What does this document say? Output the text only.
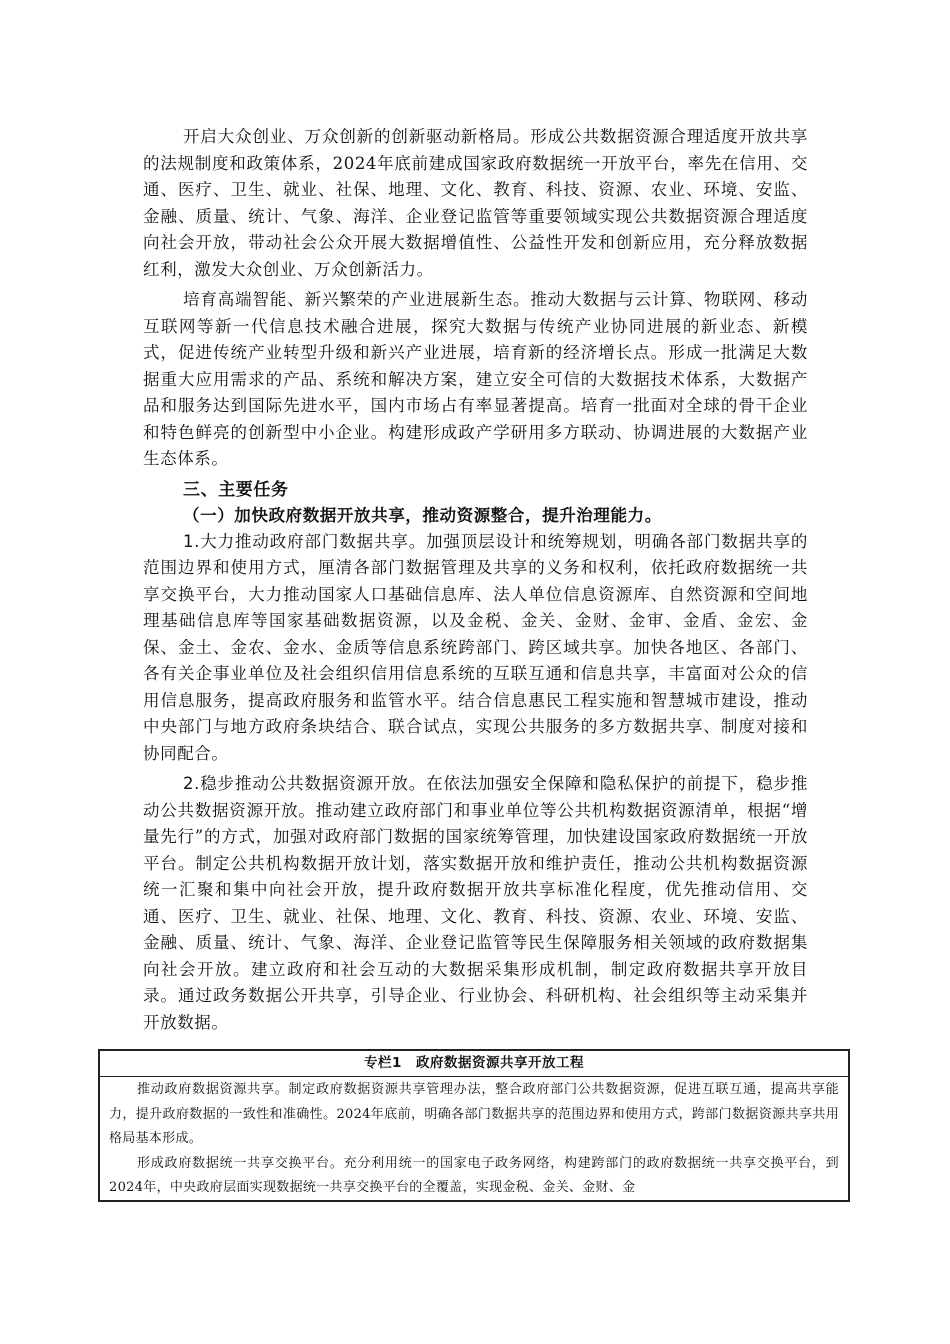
开启大众创业、万众创新的创新驱动新格局。形成公共数据资源合理适度开放共享的法规制度和政策体系，2024年底前建成国家政府数据统一开放平台，率先在信用、交通、医疗、卫生、就业、社保、地理、文化、教育、科技、资源、农业、环境、安监、金融、质量、统计、气象、海洋、企业登记监管等重要领域实现公共数据资源合理适度向社会开放，带动社会公众开展大数据增值性、公益性开发和创新应用，充分释放数据红利，激发大众创业、万众创新活力。

培育高端智能、新兴繁荣的产业进展新生态。推动大数据与云计算、物联网、移动互联网等新一代信息技术融合进展，探究大数据与传统产业协同进展的新业态、新模式，促进传统产业转型升级和新兴产业进展，培育新的经济增长点。形成一批满足大数据重大应用需求的产品、系统和解决方案，建立安全可信的大数据技术体系，大数据产品和服务达到国际先进水平，国内市场占有率显著提高。培育一批面对全球的骨干企业和特色鲜亮的创新型中小企业。构建形成政产学研用多方联动、协调进展的大数据产业生态体系。

三、主要任务
（一）加快政府数据开放共享，推动资源整合，提升治理能力。

1.大力推动政府部门数据共享。加强顶层设计和统筹规划，明确各部门数据共享的范围边界和使用方式，厘清各部门数据管理及共享的义务和权利，依托政府数据统一共享交换平台，大力推动国家人口基础信息库、法人单位信息资源库、自然资源和空间地理基础信息库等国家基础数据资源，以及金税、金关、金财、金审、金盾、金宏、金保、金土、金农、金水、金质等信息系统跨部门、跨区域共享。加快各地区、各部门、各有关企事业单位及社会组织信用信息系统的互联互通和信息共享，丰富面对公众的信用信息服务，提高政府服务和监管水平。结合信息惠民工程实施和智慧城市建设，推动中央部门与地方政府条块结合、联合试点，实现公共服务的多方数据共享、制度对接和协同配合。

2.稳步推动公共数据资源开放。在依法加强安全保障和隐私保护的前提下，稳步推动公共数据资源开放。推动建立政府部门和事业单位等公共机构数据资源清单，根据“增量先行”的方式，加强对政府部门数据的国家统筹管理，加快建设国家政府数据统一开放平台。制定公共机构数据开放计划，落实数据开放和维护责任，推动公共机构数据资源统一汇聚和集中向社会开放，提升政府数据开放共享标准化程度，优先推动信用、交通、医疗、卫生、就业、社保、地理、文化、教育、科技、资源、农业、环境、安监、金融、质量、统计、气象、海洋、企业登记监管等民生保障服务相关领域的政府数据集向社会开放。建立政府和社会互动的大数据采集形成机制，制定政府数据共享开放目录。通过政务数据公开共享，引导企业、行业协会、科研机构、社会组织等主动采集并开放数据。

专栏1　政府数据资源共享开放工程

推动政府数据资源共享。制定政府数据资源共享管理办法，整合政府部门公共数据资源，促进互联互通，提高共享能力，提升政府数据的一致性和准确性。2024年底前，明确各部门数据共享的范围边界和使用方式，跨部门数据资源共享共用格局基本形成。

形成政府数据统一共享交换平台。充分利用统一的国家电子政务网络，构建跨部门的政府数据统一共享交换平台，到2024年，中央政府层面实现数据统一共享交换平台的全覆盖，实现金税、金关、金财、金
